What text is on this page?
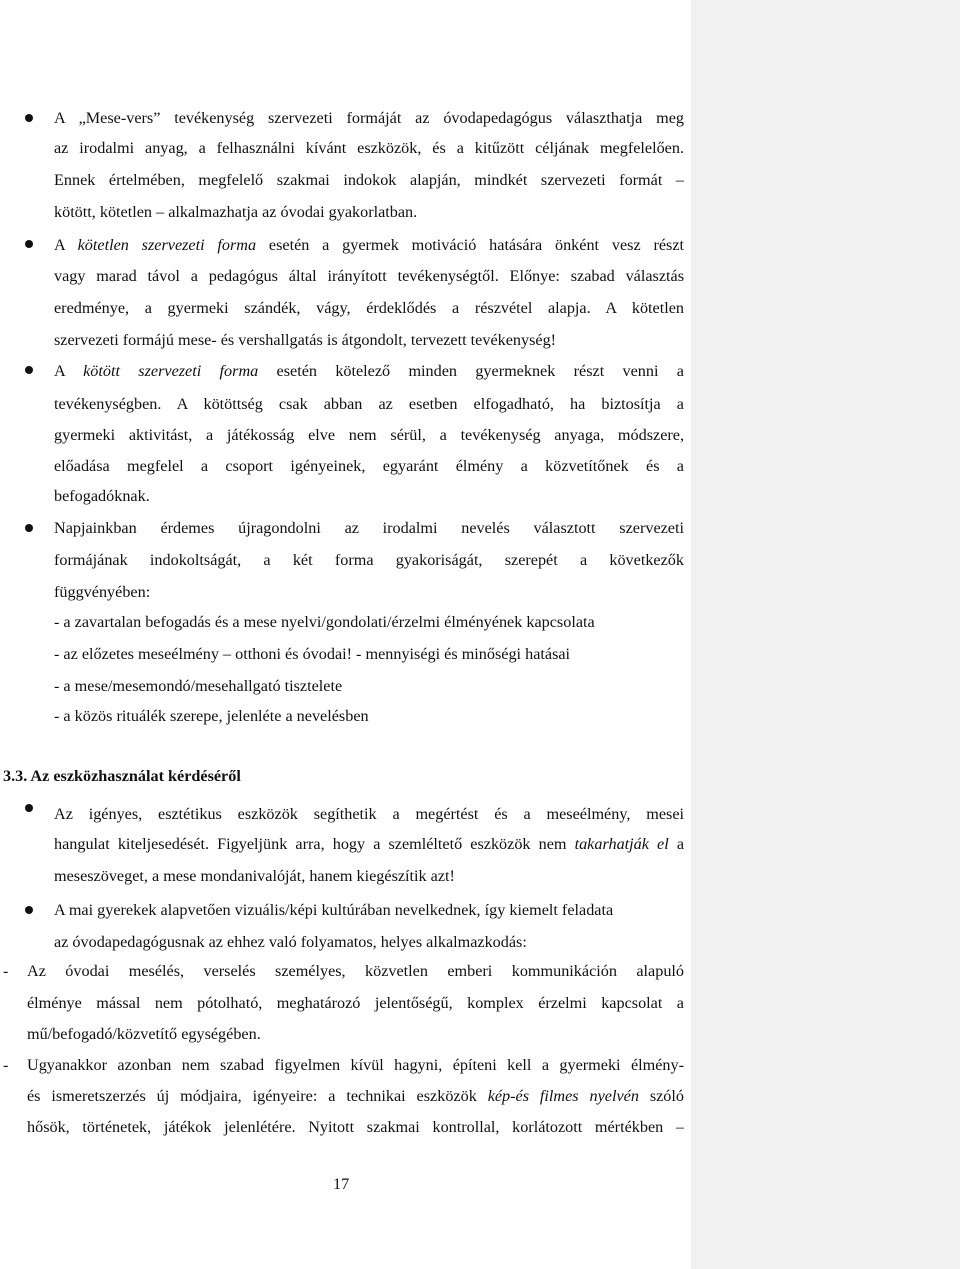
A „Mese-vers” tevékenység szervezeti formáját az óvodapedagógus választhatja meg
az irodalmi anyag, a felhasználni kívánt eszközök, és a kitűzött céljának megfelelően.
Ennek értelmében, megfelelő szakmai indokok alapján, mindkét szervezeti formát –
kötött, kötetlen – alkalmazhatja az óvodai gyakorlatban.
A kötetlen szervezeti forma esetén a gyermek motiváció hatására önként vesz részt
vagy marad távol a pedagógus által irányított tevékenységtől. Előnye: szabad választás
eredménye, a gyermeki szándék, vágy, érdeklődés a részvétel alapja. A kötetlen
szervezeti formájú mese- és vershallgatás is átgondolt, tervezett tevékenység!
A kötött szervezeti forma esetén kötelező minden gyermeknek részt venni a
tevékenységben. A kötöttség csak abban az esetben elfogadható, ha biztosítja a
gyermeki aktivitást, a játékosság elve nem sérül, a tevékenység anyaga, módszere,
előadása megfelel a csoport igényeinek, egyaránt élmény a közvetítőnek és a
befogadóknak.
Napjainkban érdemes újragondolni az irodalmi nevelés választott szervezeti
formájának indokoltságát, a két forma gyakoriságát, szerepét a következők
függvényében:
- a zavartalan befogadás és a mese nyelvi/gondolati/érzelmi élményének kapcsolata
- az előzetes meseélmény – otthoni és óvodai! - mennyiségi és minőségi hatásai
- a mese/mesemondó/mesehallgató tisztelete
- a közös rituálék szerepe, jelenléte a nevelésben
3.3. Az eszközhasználat kérdéséről
Az igényes, esztétikus eszközök segíthetik a megértést és a meseélmény, mesei
hangulat kiteljesedését. Figyeljünk arra, hogy a szemléltető eszközök nem takarhatják el a
meseszöveget, a mese mondanivalóját, hanem kiegészítik azt!
A mai gyerekek alapvetően vizuális/képi kultúrában nevelkednek, így kiemelt feladata
az óvodapedagógusnak az ehhez való folyamatos, helyes alkalmazkodás:
- Az óvodai mesélés, verselés személyes, közvetlen emberi kommunikáción alapuló
élménye mással nem pótolható, meghatározó jelentőségű, komplex érzelmi kapcsolat a
mű/befogadó/közvetítő egységében.
- Ugyanakkor azonban nem szabad figyelmen kívül hagyni, építeni kell a gyermeki élmény-
és ismeretszerzés új módjaira, igényeire: a technikai eszközök kép-és filmes nyelvén szóló
hősök, történetek, játékok jelenlétére. Nyitott szakmai kontrollal, korlátozott mértékben –
17
